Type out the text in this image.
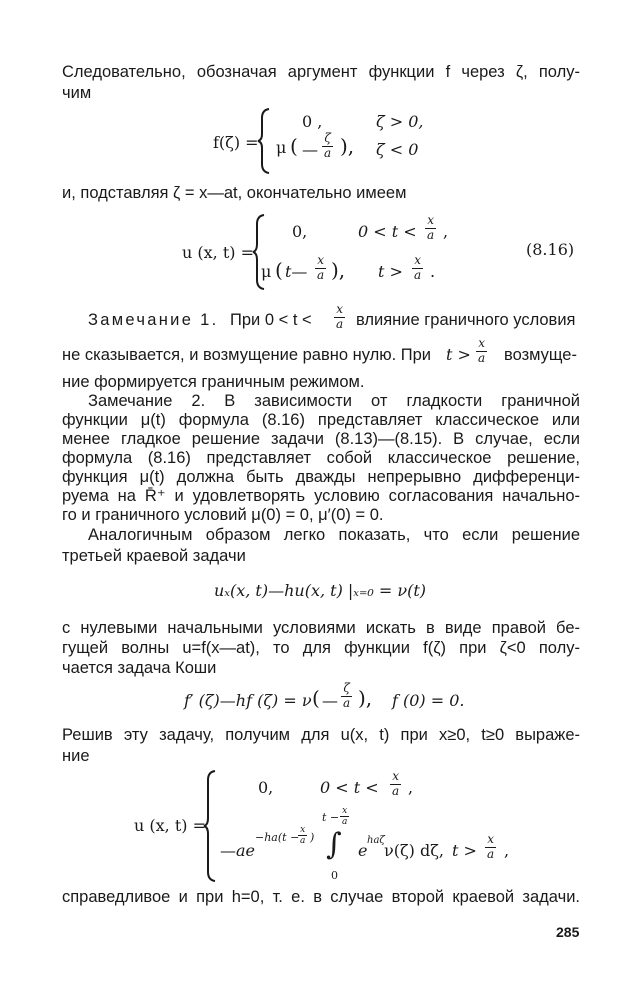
Следовательно, обозначая аргумент функции f через ζ, полу-
чим
f(ζ) =
0 ,	ζ > 0,
μ ( — $\frac{\zeta}{a}$ ), ζ < 0
и, подставляя ζ = x—at, окончательно имеем
u (x, t) =
0,	$0 < t < \frac{x}{a}$ ,
μ ( t— $\frac{x}{a}$ ), $t > \frac{x}{a}$ .
(8.16)
Замечание 1. При $0 < t < \frac{x}{a}$ влияние граничного условия
не сказывается, и возмущение равно нулю. При $t > \frac{x}{a}$ возмуще-
ние формируется граничным режимом.
Замечание 2. В зависимости от гладкости граничной
функции μ(t) формула (8.16) представляет классическое или
менее гладкое решение задачи (8.13)—(8.15). В случае, если
формула (8.16) представляет собой классическое решение,
функция μ(t) должна быть дважды непрерывно дифференци-
руема на R̄⁺ и удовлетворять условию согласования начально-
го и граничного условий μ(0) = 0, μ′(0) = 0.
Аналогичным образом легко показать, что если решение
третьей краевой задачи
uₓ(x, t)—hu(x, t) |ₓ₌₀ = ν(t)
с нулевыми начальными условиями искать в виде правой бе-
гущей волны u=f(x—at), то для функции f(ζ) при ζ<0 полу-
чается задача Коши
f′ (ζ)—hf (ζ) = ν ( — $\frac{\zeta}{a}$ ), f (0) = 0.
Решив эту задачу, получим для u(x, t) при x≥0, t≥0 выраже-
ние
u (x, t) =
0,	$0 < t < \frac{x}{a}$ ,
—ae
−ha(t −
$\frac{x}{a}$ )
$t - \frac{x}{a}$
∫
0
e
haζ
ν(ζ) dζ, $t > \frac{x}{a}$ ,
справедливое и при h=0, т. е. в случае второй краевой задачи.
285
